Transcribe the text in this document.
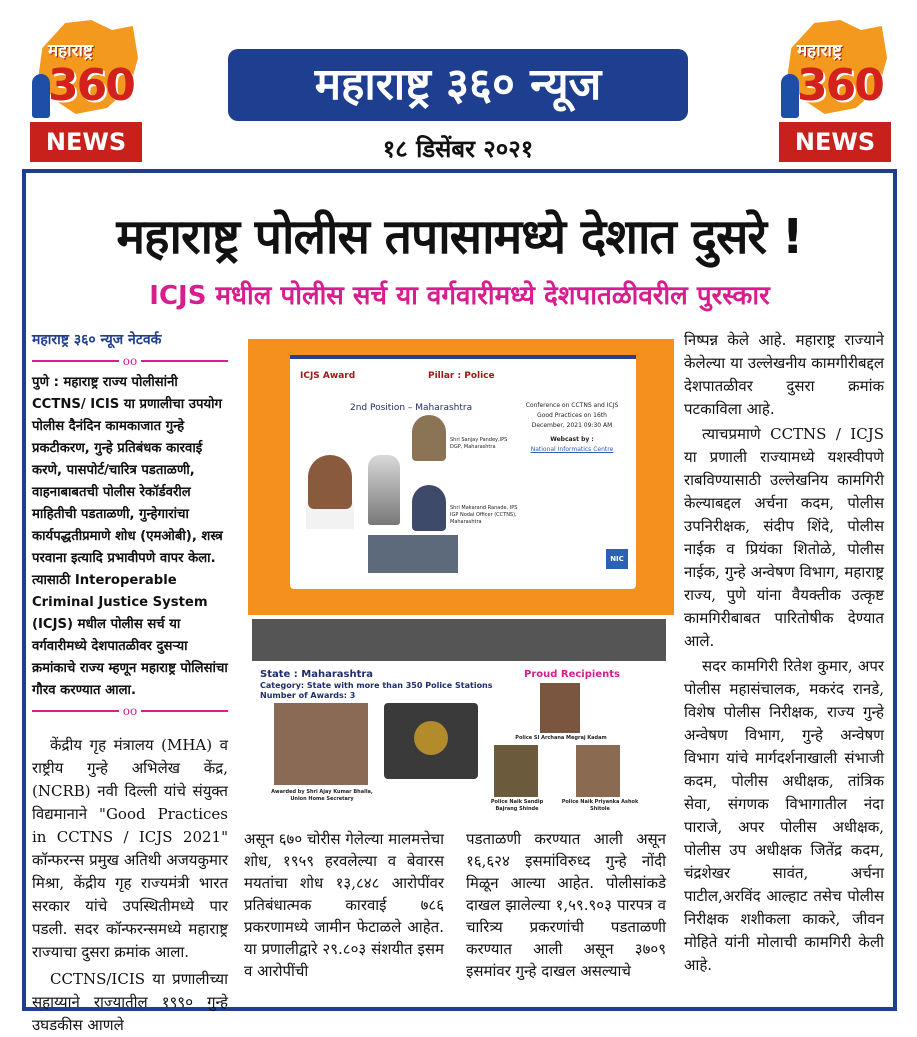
महाराष्ट्र
360
NEWS
महाराष्ट्र
360
NEWS
महाराष्ट्र ३६० न्यूज
१८ डिसेंबर २०२१
महाराष्ट्र पोलीस तपासामध्ये देशात दुसरे !
ICJS मधील पोलीस सर्च या वर्गवारीमध्ये देशपातळीवरील पुरस्कार
महाराष्ट्र ३६० न्यूज नेटवर्क
oo
पुणे : महाराष्ट्र राज्य पोलीसांनी CCTNS/ ICIS या प्रणालीचा उपयोग पोलीस दैनंदिन कामकाजात गुन्हे प्रकटीकरण, गुन्हे प्रतिबंधक कारवाई करणे, पासपोर्ट/चारित्र पडताळणी, वाहनाबाबतची पोलीस रेकॉर्डवरील माहितीची पडताळणी, गुन्हेगारांचा कार्यपद्धतीप्रमाणे शोध (एमओबी), शस्त्र परवाना इत्यादि प्रभावीपणे वापर केला. त्यासाठी Interoperable Criminal Justice System (ICJS) मधील पोलीस सर्च या वर्गवारीमध्ये देशपातळीवर दुसऱ्या क्रमांकाचे राज्य म्हणून महाराष्ट्र पोलिसांचा गौरव करण्यात आला.
oo
केंद्रीय गृह मंत्रालय (MHA) व राष्ट्रीय गुन्हे अभिलेख केंद्र, (NCRB) नवी दिल्ली यांचे संयुक्त विद्यमानाने "Good Practices in CCTNS / ICJS 2021" कॉन्फरन्स प्रमुख अतिथी अजयकुमार मिश्रा, केंद्रीय गृह राज्यमंत्री भारत सरकार यांचे उपस्थितीमध्ये पार पडली. सदर कॉन्फरन्समध्ये महाराष्ट्र राज्याचा दुसरा क्रमांक आला.
CCTNS/ICIS या प्रणालीच्या सहाय्याने राज्यातील १९९० गुन्हे उघडकीस आणले
ICJS Award	Pillar : Police
2nd Position – Maharashtra
Shri Sanjay Pandey,IPS DGP, Maharashtra
Shri Makarand Ranade, IPS IGP Nodal Officer (CCTNS), Maharashtra
Conference on CCTNS and ICJS Good Practices on 16th December, 2021 09:30 AM
Webcast by :
National Informatics Centre
NIC
State : Maharashtra
Category: State with more than 350 Police Stations
Number of Awards: 3
Awarded by Shri Ajay Kumar Bhalla, Union Home Secretary
Proud Recipients
Police SI Archana Megraj Kadam
Police Naik Sandip Bajrang Shinde
Police Naik Priyanka Ashok Shitole
असून ६७० चोरीस गेलेल्या मालमत्तेचा शोध, १९५९ हरवलेल्या व बेवारस मयतांचा शोध १३,८४८ आरोपींवर प्रतिबंधात्मक कारवाई ७८६ प्रकरणामध्ये जामीन फेटाळले आहेत. या प्रणालीद्वारे २९.८०३ संशयीत इसम व आरोपींची
पडताळणी करण्यात आली असून १६,६२४ इसमांविरुध्द गुन्हे नोंदी मिळून आल्या आहेत. पोलीसांकडे दाखल झालेल्या १,५९.९०३ पारपत्र व चारित्र्य प्रकरणांची पडताळणी करण्यात आली असून ३७०९ इसमांवर गुन्हे दाखल असल्याचे

निष्पन्न केले आहे. महाराष्ट्र राज्याने केलेल्या या उल्लेखनीय कामगीरीबद्दल देशपातळीवर दुसरा क्रमांक पटकाविला आहे.

त्याचप्रमाणे CCTNS / ICJS या प्रणाली राज्यामध्ये यशस्वीपणे राबविण्यासाठी उल्लेखनिय कामगिरी केल्याबद्दल अर्चना कदम, पोलीस उपनिरीक्षक, संदीप शिंदे, पोलीस नाईक व प्रियंका शितोळे, पोलीस नाईक, गुन्हे अन्वेषण विभाग, महाराष्ट्र राज्य, पुणे यांना वैयक्तीक उत्कृष्ट कामगिरीबाबत पारितोषीक देण्यात आले.

सदर कामगिरी रितेश कुमार, अपर पोलीस महासंचालक, मकरंद रानडे, विशेष पोलीस निरीक्षक, राज्य गुन्हे अन्वेषण विभाग, गुन्हे अन्वेषण विभाग यांचे मार्गदर्शनाखाली संभाजी कदम, पोलीस अधीक्षक, तांत्रिक सेवा, संगणक विभागातील नंदा पाराजे, अपर पोलीस अधीक्षक, पोलीस उप अधीक्षक जितेंद्र कदम, चंद्रशेखर सावंत, अर्चना पाटील,अरविंद आल्हाट तसेच पोलीस निरीक्षक शशीकला काकरे, जीवन मोहिते यांनी मोलाची कामगिरी केली आहे.
